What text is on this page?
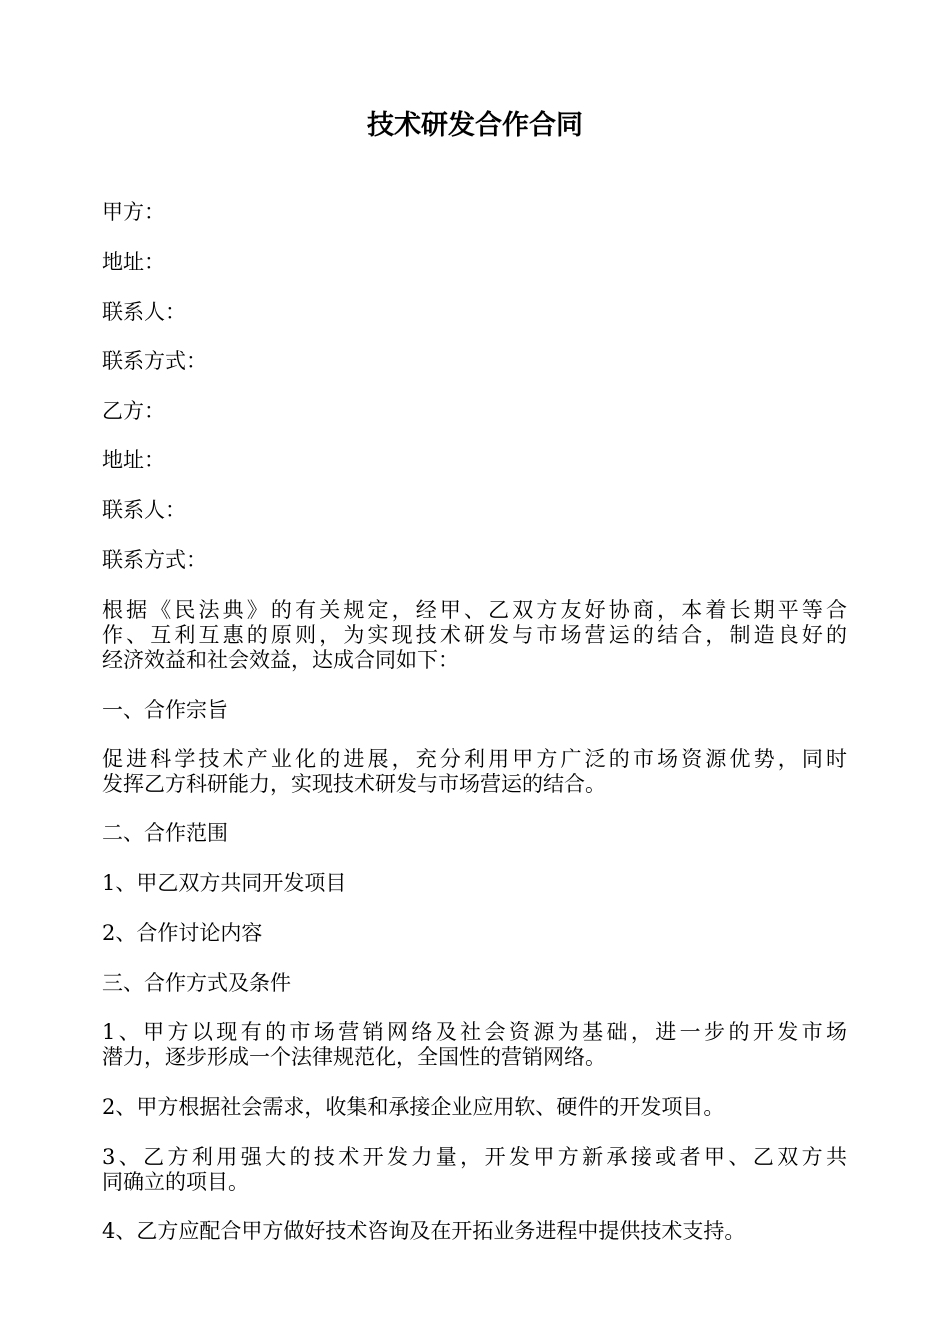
技术研发合作合同
甲方：
地址：
联系人：
联系方式：
乙方：
地址：
联系人：
联系方式：
根据《民法典》的有关规定，经甲、乙双方友好协商，本着长期平等合
作、互利互惠的原则，为实现技术研发与市场营运的结合，制造良好的
经济效益和社会效益，达成合同如下：
一、合作宗旨
促进科学技术产业化的进展，充分利用甲方广泛的市场资源优势，同时
发挥乙方科研能力，实现技术研发与市场营运的结合。
二、合作范围
1、甲乙双方共同开发项目
2、合作讨论内容
三、合作方式及条件
1、甲方以现有的市场营销网络及社会资源为基础，进一步的开发市场
潜力，逐步形成一个法律规范化，全国性的营销网络。
2、甲方根据社会需求，收集和承接企业应用软、硬件的开发项目。
3、乙方利用强大的技术开发力量，开发甲方新承接或者甲、乙双方共
同确立的项目。
4、乙方应配合甲方做好技术咨询及在开拓业务进程中提供技术支持。
